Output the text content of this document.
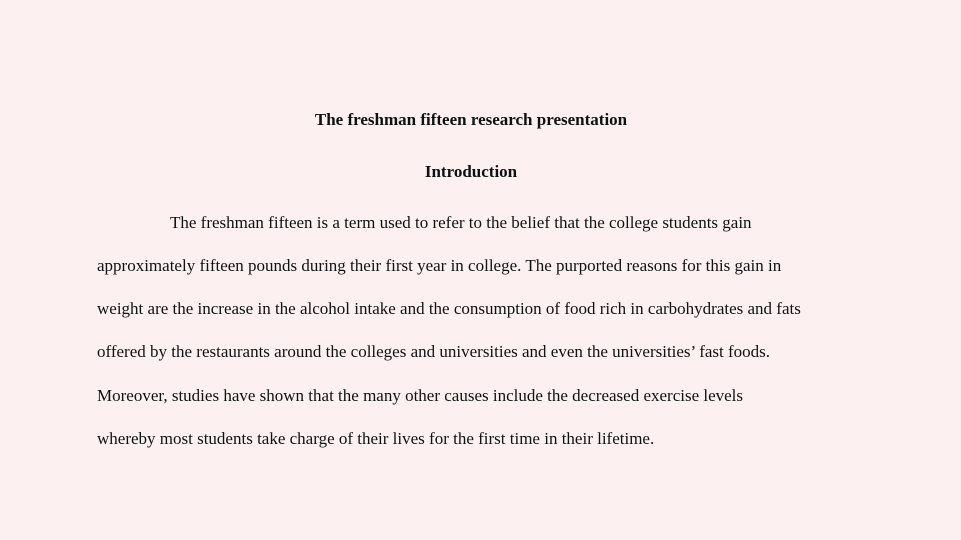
The freshman fifteen research presentation
Introduction
The freshman fifteen is a term used to refer to the belief that the college students gain
approximately fifteen pounds during their first year in college. The purported reasons for this gain in
weight are the increase in the alcohol intake and the consumption of food rich in carbohydrates and fats
offered by the restaurants around the colleges and universities and even the universities’ fast foods.
Moreover, studies have shown that the many other causes include the decreased exercise levels
whereby most students take charge of their lives for the first time in their lifetime.
